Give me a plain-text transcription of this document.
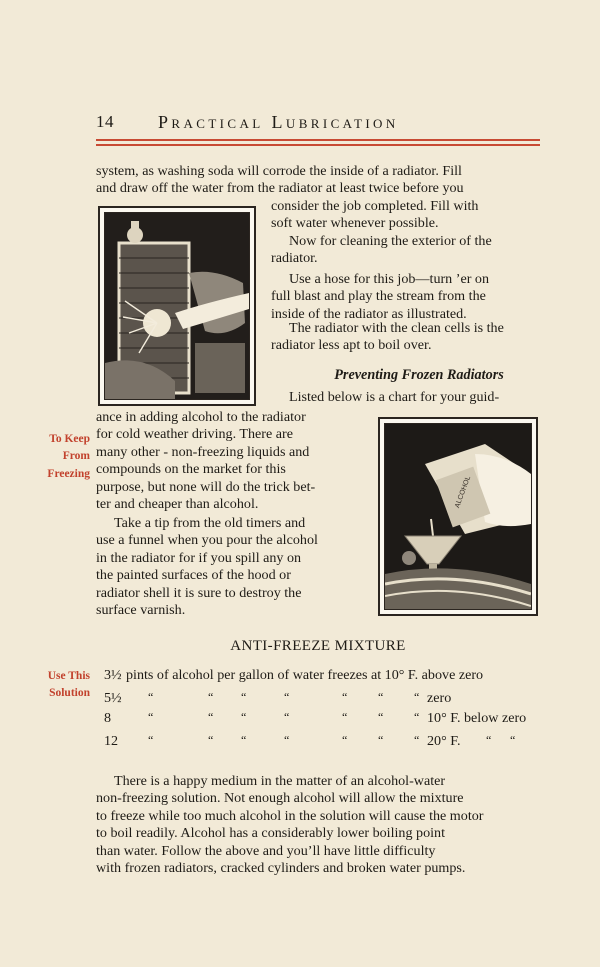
14 Practical Lubrication
system, as washing soda will corrode the inside of a radiator. Fill
and draw off the water from the radiator at least twice before you
consider the job completed. Fill with
soft water whenever possible.
Now for cleaning the exterior of the
radiator.
Use a hose for this job—turn ’er on
full blast and play the stream from the
inside of the radiator as illustrated.
The radiator with the clean cells is the
radiator less apt to boil over.
Preventing Frozen Radiators
Listed below is a chart for your guid-
ance in adding alcohol to the radiator
for cold weather driving. There are
many other - non-freezing liquids and
compounds on the market for this
purpose, but none will do the trick bet-
ter and cheaper than alcohol.
To Keep
From
Freezing
ALCOHOL
Take a tip from the old timers and
use a funnel when you pour the alcohol
in the radiator for if you spill any on
the painted surfaces of the hood or
radiator shell it is sure to destroy the
surface varnish.
ANTI-FREEZE MIXTURE
Use This
Solution
3½ pints of alcohol per gallon of water freezes at 10° F. above zero
5½ “	“ “	“	“	“	“ zero
8	“	“ “	“	“	“	“ 10° F. below zero
12 “	“ “	“	“	“	“ 20° F. “ “
There is a happy medium in the matter of an alcohol-water
non-freezing solution. Not enough alcohol will allow the mixture
to freeze while too much alcohol in the solution will cause the motor
to boil readily. Alcohol has a considerably lower boiling point
than water. Follow the above and you’ll have little difficulty
with frozen radiators, cracked cylinders and broken water pumps.
